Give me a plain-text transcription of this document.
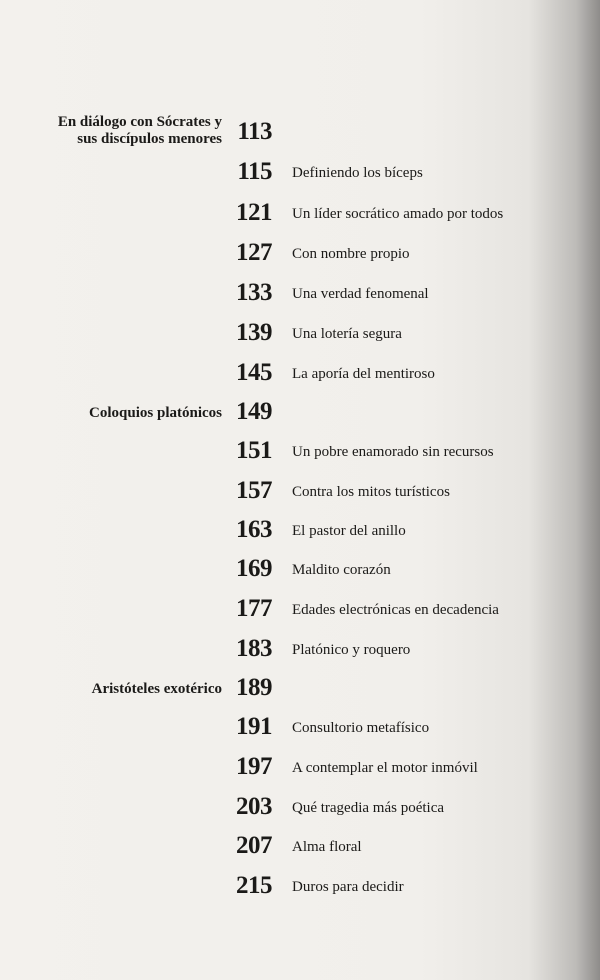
En diálogo con Sócrates y
sus discípulos menores 113
115 Definiendo los bíceps
121 Un líder socrático amado por todos
127 Con nombre propio
133 Una verdad fenomenal
139 Una lotería segura
145 La aporía del mentiroso
Coloquios platónicos 149
151 Un pobre enamorado sin recursos
157 Contra los mitos turísticos
163 El pastor del anillo
169 Maldito corazón
177 Edades electrónicas en decadencia
183 Platónico y roquero
Aristóteles exotérico 189
191 Consultorio metafísico
197 A contemplar el motor inmóvil
203 Qué tragedia más poética
207 Alma floral
215 Duros para decidir
